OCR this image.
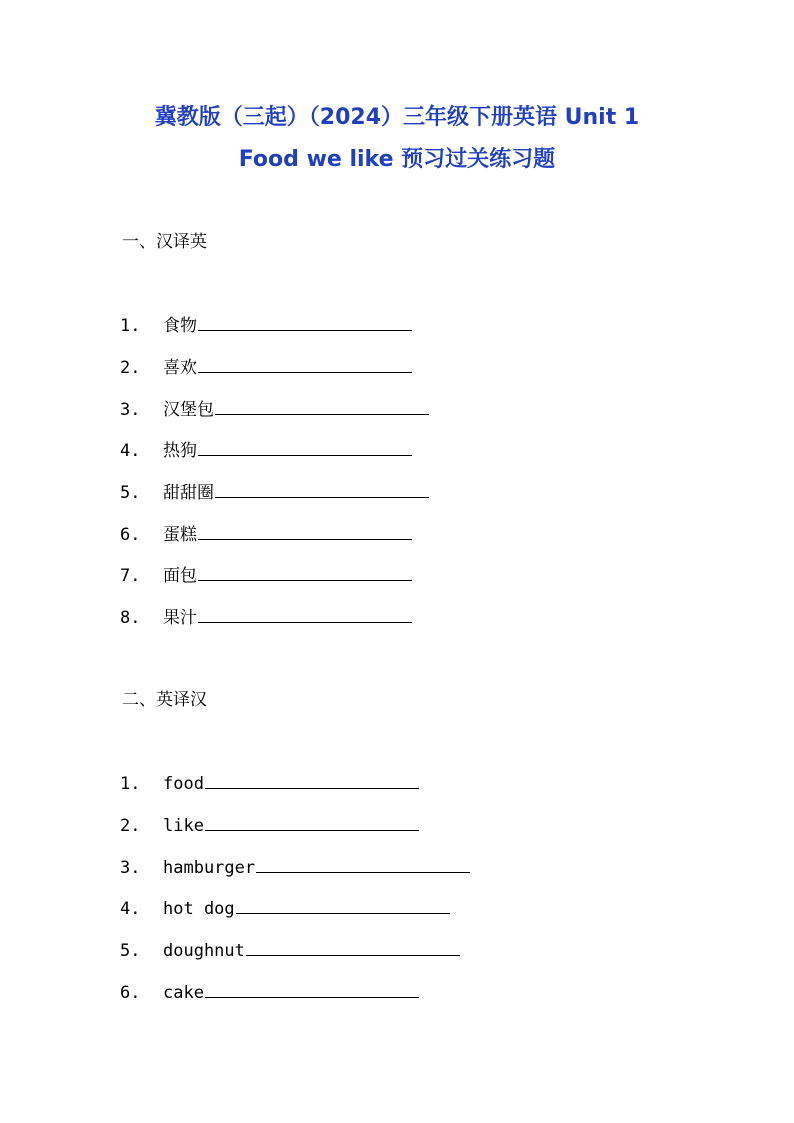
冀教版（三起）（2024）三年级下册英语 Unit 1
Food we like 预习过关练习题
一、汉译英
1. 食物
2. 喜欢
3. 汉堡包
4. 热狗
5. 甜甜圈
6. 蛋糕
7. 面包
8. 果汁
二、英译汉
1. food
2. like
3. hamburger
4. hot dog
5. doughnut
6. cake
